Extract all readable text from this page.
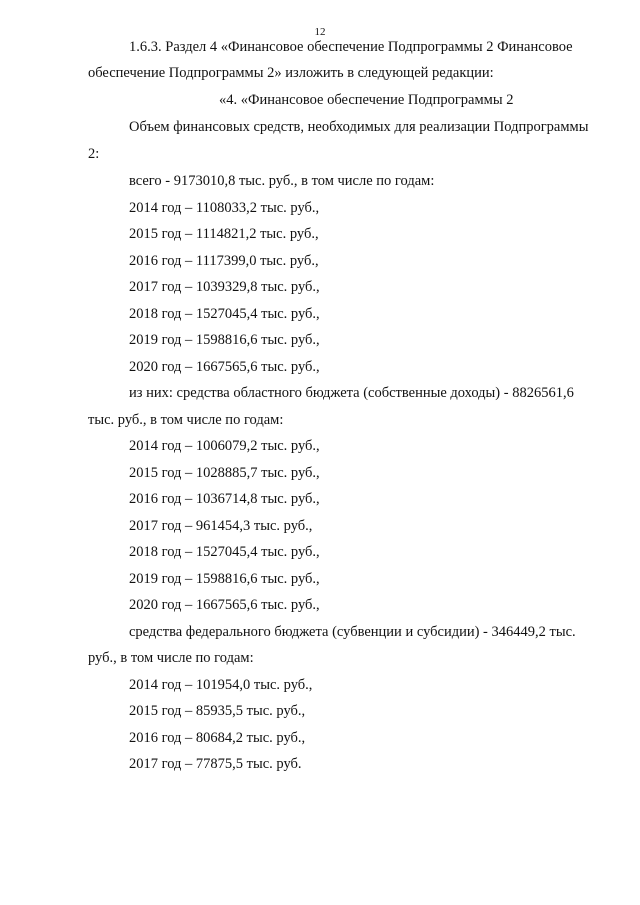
12
1.6.3. Раздел 4 «Финансовое обеспечение Подпрограммы 2 Финансовое
обеспечение Подпрограммы 2» изложить в следующей редакции:
«4. «Финансовое обеспечение Подпрограммы 2
Объем финансовых средств, необходимых для реализации Подпрограммы
2:
всего - 9173010,8 тыс. руб., в том числе по годам:
2014 год – 1108033,2 тыс. руб.,
2015 год – 1114821,2 тыс. руб.,
2016 год – 1117399,0 тыс. руб.,
2017 год – 1039329,8 тыс. руб.,
2018 год – 1527045,4 тыс. руб.,
2019 год – 1598816,6 тыс. руб.,
2020 год – 1667565,6 тыс. руб.,
из них: средства областного бюджета (собственные доходы) - 8826561,6
тыс. руб., в том числе по годам:
2014 год – 1006079,2 тыс. руб.,
2015 год – 1028885,7 тыс. руб.,
2016 год – 1036714,8 тыс. руб.,
2017 год – 961454,3 тыс. руб.,
2018 год – 1527045,4 тыс. руб.,
2019 год – 1598816,6 тыс. руб.,
2020 год – 1667565,6 тыс. руб.,
средства федерального бюджета (субвенции и субсидии) - 346449,2 тыс.
руб., в том числе по годам:
2014 год – 101954,0 тыс. руб.,
2015 год – 85935,5 тыс. руб.,
2016 год – 80684,2 тыс. руб.,
2017 год – 77875,5 тыс. руб.
